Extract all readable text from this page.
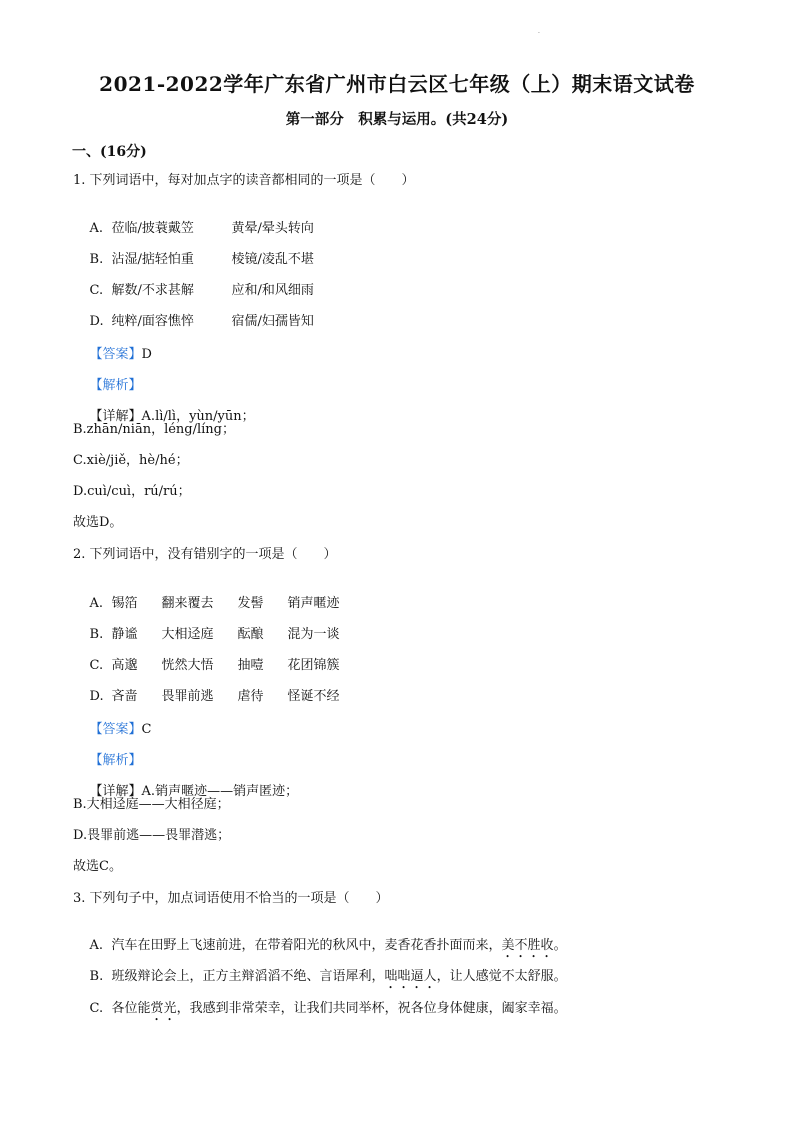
·
2021-2022学年广东省广州市白云区七年级（上）期末语文试卷
第一部分　积累与运用。(共24分)
一、(16分)
1. 下列词语中，每对加点字的读音都相同的一项是（　　）

A. 莅临/披蓑戴笠	黄晕/晕头转向

B. 沾湿/掂轻怕重	棱镜/凌乱不堪

C. 解数/不求甚解	应和/和风细雨

D. 纯粹/面容憔悴	宿儒/妇孺皆知

【答案】D

【解析】

【详解】A.lì/lì，yùn/yūn；

B.zhān/niān，léng/líng；
C.xiè/jiě，hè/hé；
D.cuì/cuì，rú/rú；
故选D。
2. 下列词语中，没有错别字的一项是（　　）

A. 锡箔 翻来覆去 发髻 销声暱迹

B. 静谧 大相迳庭 酝酿 混为一谈

C. 高邈 恍然大悟 抽噎 花团锦簇

D. 吝啬 畏罪前逃 虐待 怪诞不经

【答案】C

【解析】

【详解】A.销声暱迹——销声匿迹；

B.大相迳庭——大相径庭；
D.畏罪前逃——畏罪潜逃；
故选C。
3. 下列句子中，加点词语使用不恰当的一项是（　　）

A. 汽车在田野上飞速前进，在带着阳光的秋风中，麦香花香扑面而来，美不胜收。

B. 班级辩论会上，正方主辩滔滔不绝、言语犀利，咄咄逼人，让人感觉不太舒服。

C. 各位能赏光，我感到非常荣幸，让我们共同举杯，祝各位身体健康，阖家幸福。
